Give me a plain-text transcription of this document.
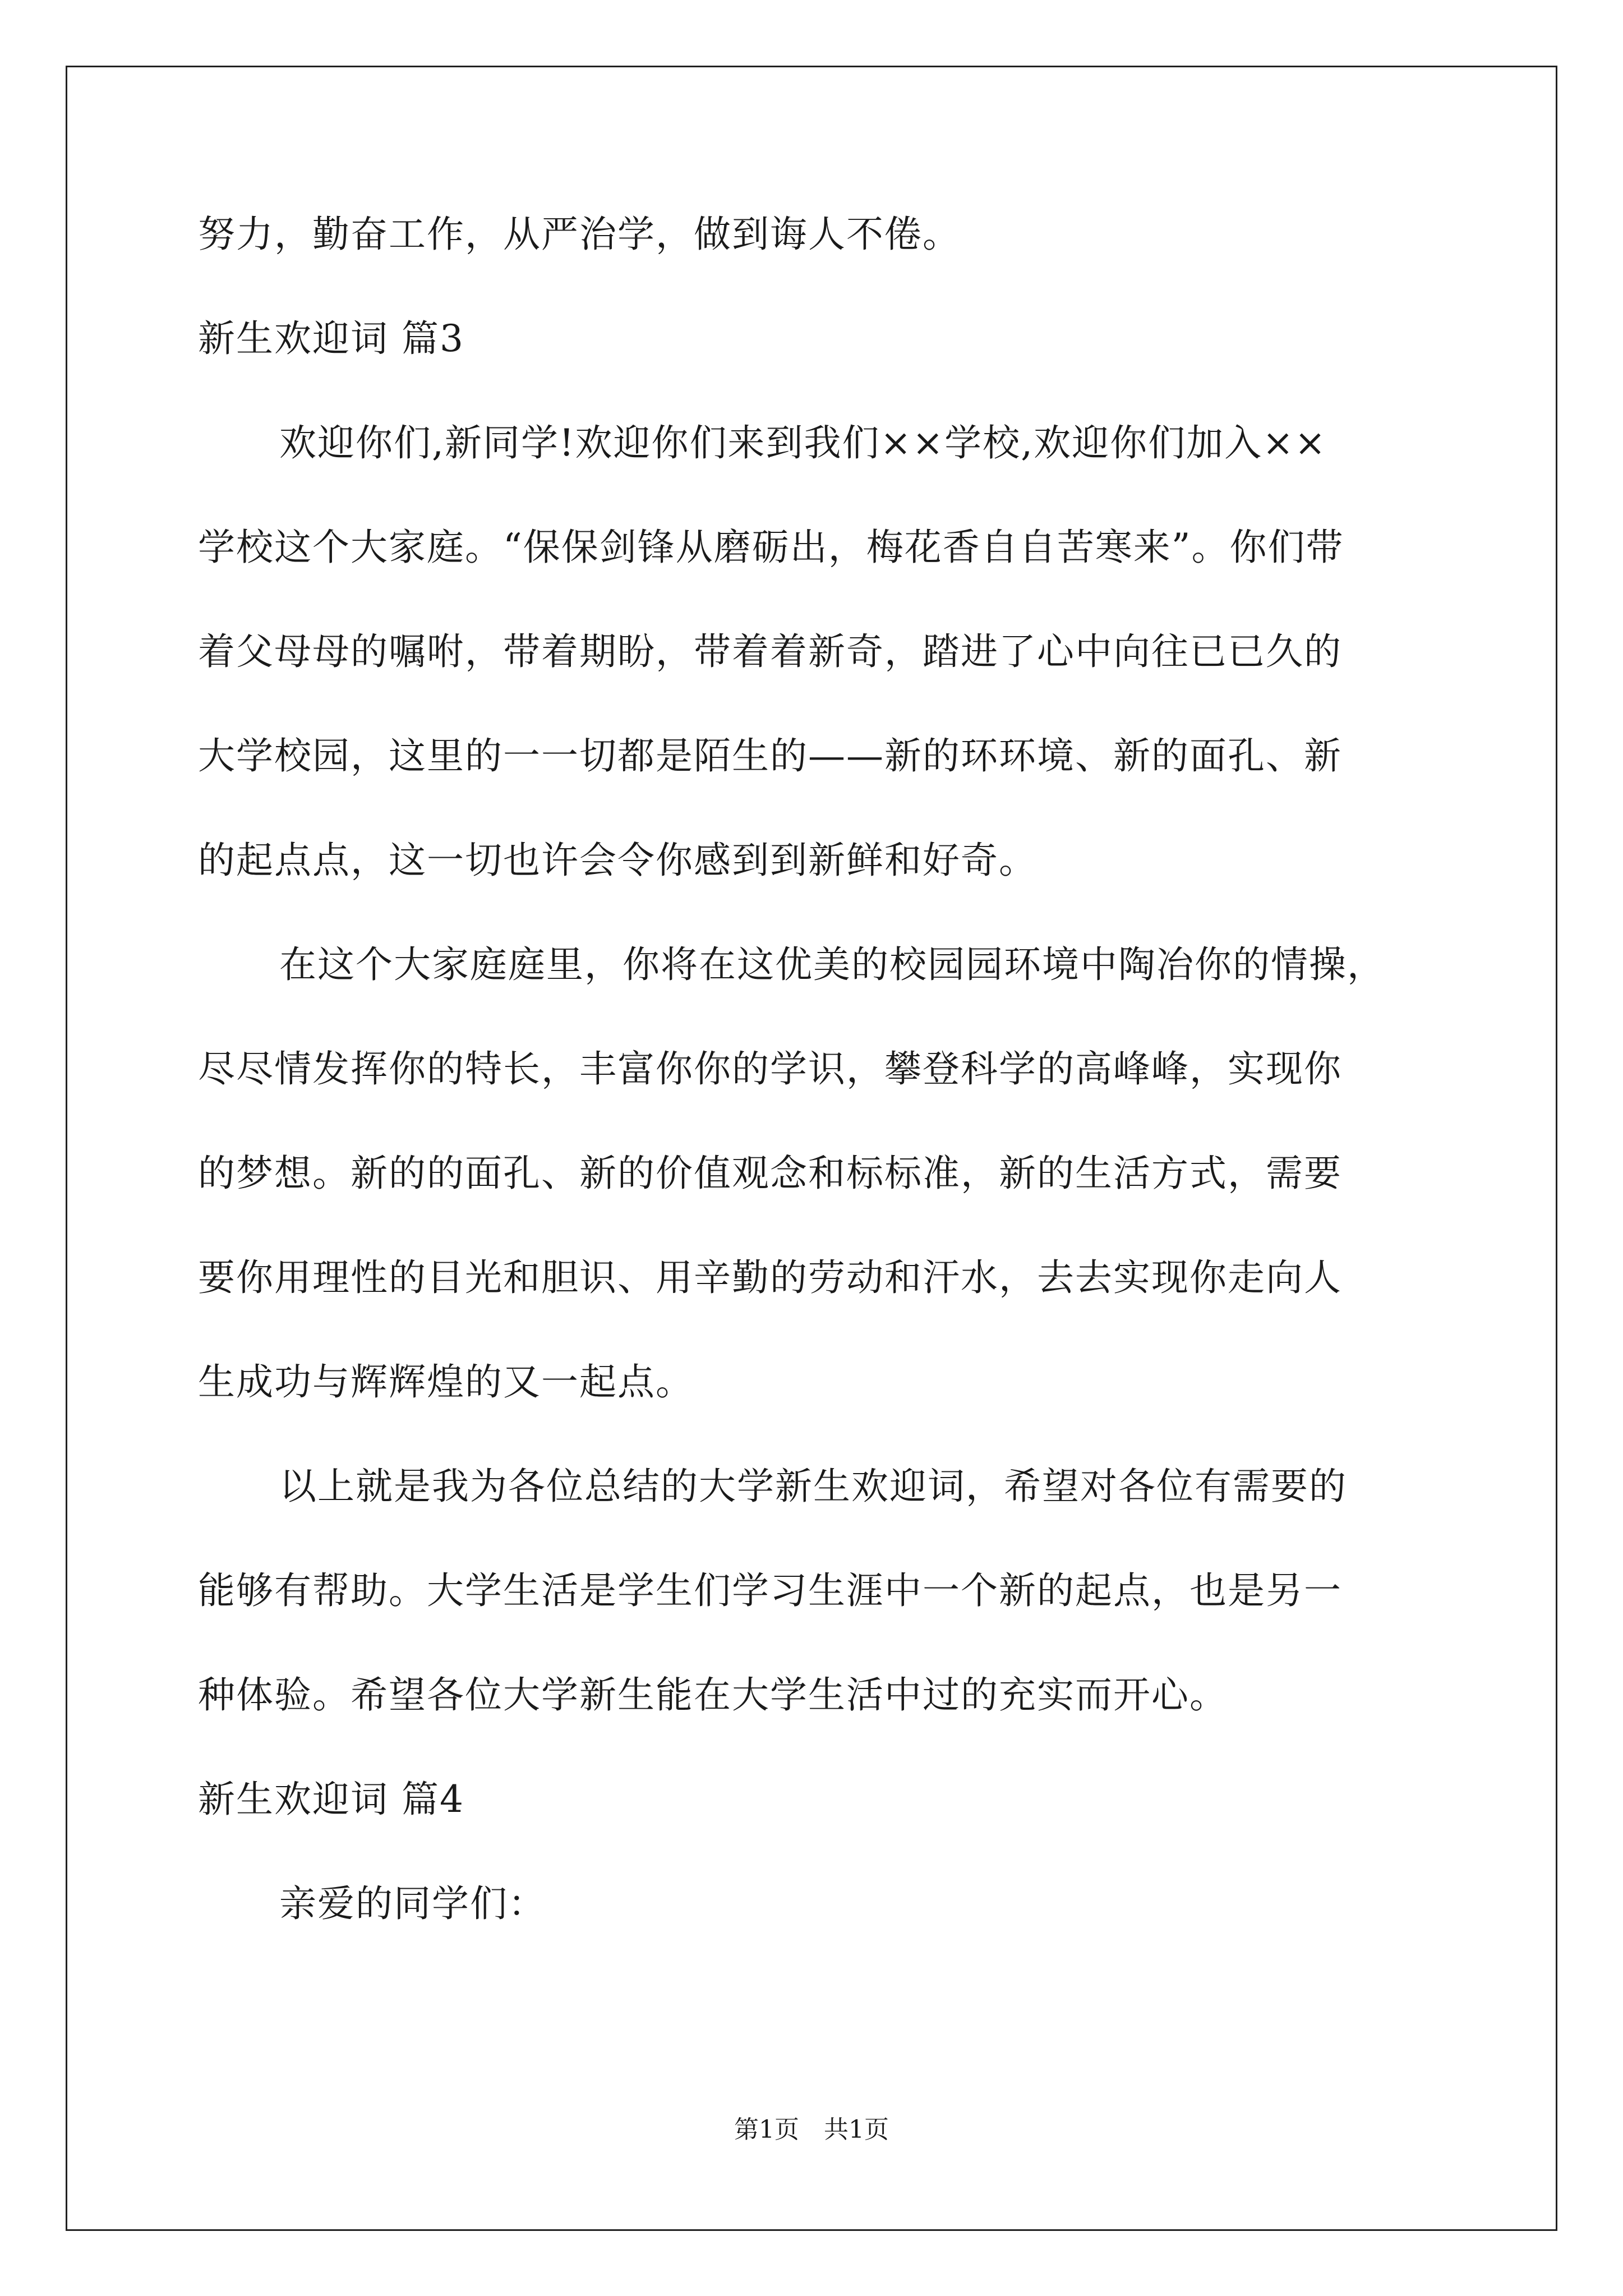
努力，勤奋工作，从严治学，做到诲人不倦。

新生欢迎词 篇3

欢迎你们,新同学!欢迎你们来到我们××学校,欢迎你们加入××
学校这个大家庭。“保保剑锋从磨砺出，梅花香自自苦寒来”。你们带
着父母母的嘱咐，带着期盼，带着着新奇，踏进了心中向往已已久的
大学校园，这里的一一切都是陌生的——新的环环境、新的面孔、新
的起点点，这一切也许会令你感到到新鲜和好奇。

在这个大家庭庭里，你将在这优美的校园园环境中陶冶你的情操，
尽尽情发挥你的特长，丰富你你的学识，攀登科学的高峰峰，实现你
的梦想。新的的面孔、新的价值观念和标标准，新的生活方式，需要
要你用理性的目光和胆识、用辛勤的劳动和汗水，去去实现你走向人
生成功与辉辉煌的又一起点。

以上就是我为各位总结的大学新生欢迎词，希望对各位有需要的
能够有帮助。大学生活是学生们学习生涯中一个新的起点，也是另一
种体验。希望各位大学新生能在大学生活中过的充实而开心。

新生欢迎词 篇4

亲爱的同学们：

第1页　共1页
